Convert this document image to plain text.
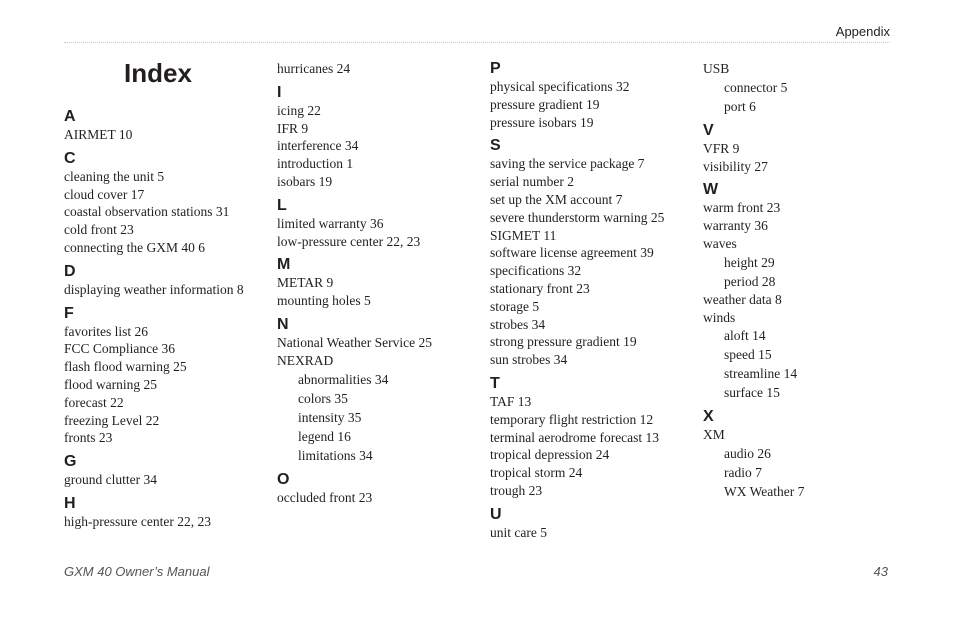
Appendix
Index
A
AIRMET 10
C
cleaning the unit 5
cloud cover 17
coastal observation stations 31
cold front 23
connecting the GXM 40 6
D
displaying weather information 8
F
favorites list 26
FCC Compliance 36
flash flood warning 25
flood warning 25
forecast 22
freezing Level 22
fronts 23
G
ground clutter 34
H
high-pressure center 22, 23
hurricanes 24
I
icing 22
IFR 9
interference 34
introduction 1
isobars 19
L
limited warranty 36
low-pressure center 22, 23
M
METAR 9
mounting holes 5
N
National Weather Service 25
NEXRAD
abnormalities 34
colors 35
intensity 35
legend 16
limitations 34
O
occluded front 23
P
physical specifications 32
pressure gradient 19
pressure isobars 19
S
saving the service package 7
serial number 2
set up the XM account 7
severe thunderstorm warning 25
SIGMET 11
software license agreement 39
specifications 32
stationary front 23
storage 5
strobes 34
strong pressure gradient 19
sun strobes 34
T
TAF 13
temporary flight restriction 12
terminal aerodrome forecast 13
tropical depression 24
tropical storm 24
trough 23
U
unit care 5
USB
connector 5
port 6
V
VFR 9
visibility 27
W
warm front 23
warranty 36
waves
height 29
period 28
weather data 8
winds
aloft 14
speed 15
streamline 14
surface 15
X
XM
audio 26
radio 7
WX Weather 7
GXM 40 Owner’s Manual	43
